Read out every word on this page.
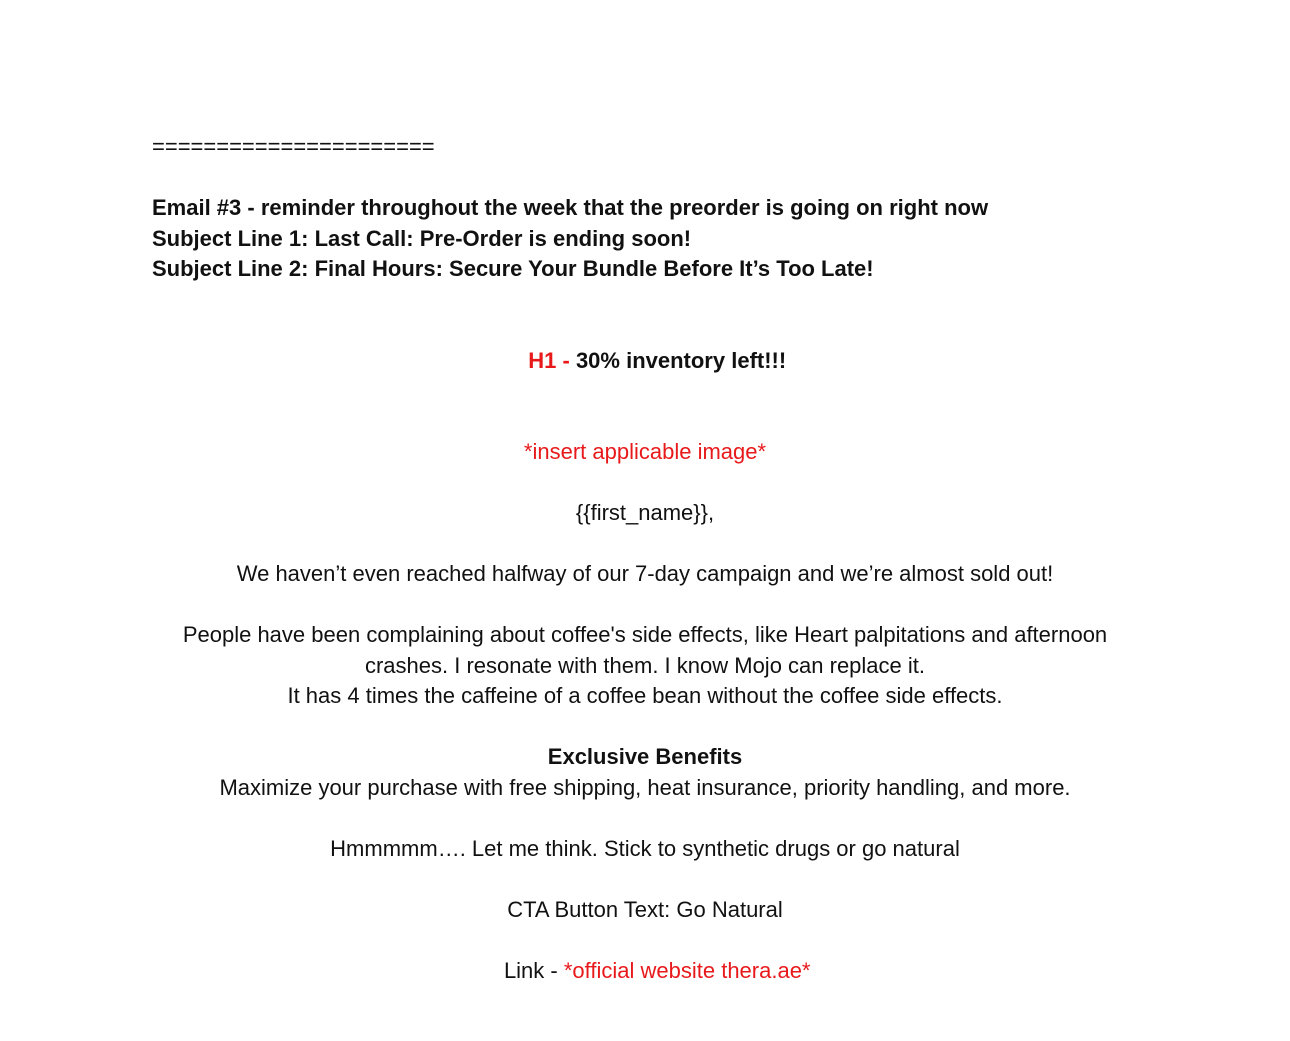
======================
Email #3 - reminder throughout the week that the preorder is going on right now
Subject Line 1: Last Call: Pre-Order is ending soon!
Subject Line 2: Final Hours: Secure Your Bundle Before It’s Too Late!

H1 - 30% inventory left!!!

*insert applicable image*
{{first_name}},
We haven’t even reached halfway of our 7-day campaign and we’re almost sold out!
People have been complaining about coffee's side effects, like Heart palpitations and afternoon
crashes. I resonate with them. I know Mojo can replace it.
It has 4 times the caffeine of a coffee bean without the coffee side effects.
Exclusive Benefits
Maximize your purchase with free shipping, heat insurance, priority handling, and more.
Hmmmmm…. Let me think. Stick to synthetic drugs or go natural
CTA Button Text: Go Natural

Link - *official website thera.ae*
